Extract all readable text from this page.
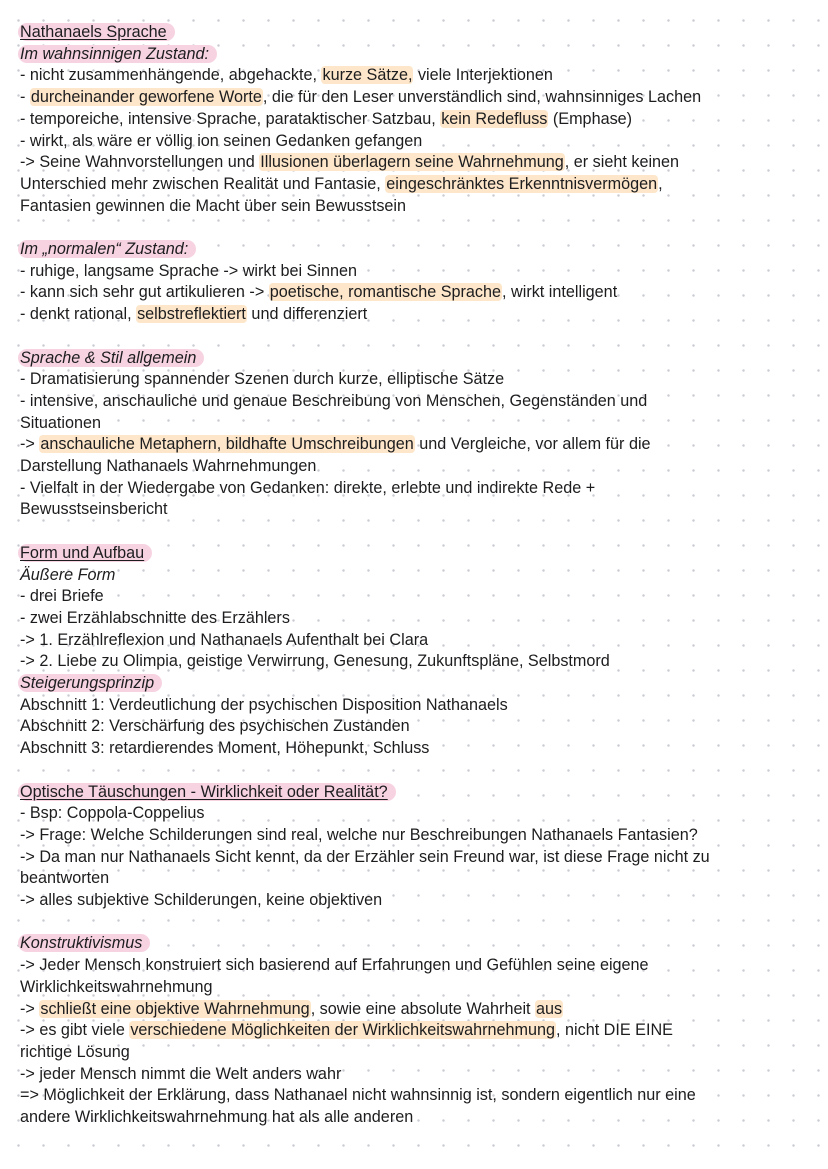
Nathanaels Sprache
Im wahnsinnigen Zustand:
- nicht zusammenhängende, abgehackte, kurze Sätze, viele Interjektionen
- durcheinander geworfene Worte, die für den Leser unverständlich sind, wahnsinniges Lachen
- temporeiche, intensive Sprache, parataktischer Satzbau, kein Redefluss (Emphase)
- wirkt, als wäre er völlig ion seinen Gedanken gefangen
-> Seine Wahnvorstellungen und Illusionen überlagern seine Wahrnehmung, er sieht keinen
Unterschied mehr zwischen Realität und Fantasie, eingeschränktes Erkenntnisvermögen,
Fantasien gewinnen die Macht über sein Bewusstsein
Im „normalen“ Zustand:
- ruhige, langsame Sprache -> wirkt bei Sinnen
- kann sich sehr gut artikulieren -> poetische, romantische Sprache, wirkt intelligent
- denkt rational, selbstreflektiert und differenziert
Sprache & Stil allgemein
- Dramatisierung spannender Szenen durch kurze, elliptische Sätze
- intensive, anschauliche und genaue Beschreibung von Menschen, Gegenständen und
Situationen
-> anschauliche Metaphern, bildhafte Umschreibungen und Vergleiche, vor allem für die
Darstellung Nathanaels Wahrnehmungen
- Vielfalt in der Wiedergabe von Gedanken: direkte, erlebte und indirekte Rede +
Bewusstseinsbericht
Form und Aufbau
Äußere Form
- drei Briefe
- zwei Erzählabschnitte des Erzählers
-> 1. Erzählreflexion und Nathanaels Aufenthalt bei Clara
-> 2. Liebe zu Olimpia, geistige Verwirrung, Genesung, Zukunftspläne, Selbstmord
Steigerungsprinzip
Abschnitt 1: Verdeutlichung der psychischen Disposition Nathanaels
Abschnitt 2: Verschärfung des psychischen Zustanden
Abschnitt 3: retardierendes Moment, Höhepunkt, Schluss
Optische Täuschungen - Wirklichkeit oder Realität?
- Bsp: Coppola-Coppelius
-> Frage: Welche Schilderungen sind real, welche nur Beschreibungen Nathanaels Fantasien?
-> Da man nur Nathanaels Sicht kennt, da der Erzähler sein Freund war, ist diese Frage nicht zu
beantworten
-> alles subjektive Schilderungen, keine objektiven
Konstruktivismus
-> Jeder Mensch konstruiert sich basierend auf Erfahrungen und Gefühlen seine eigene
Wirklichkeitswahrnehmung
-> schließt eine objektive Wahrnehmung, sowie eine absolute Wahrheit aus
-> es gibt viele verschiedene Möglichkeiten der Wirklichkeitswahrnehmung, nicht DIE EINE
richtige Lösung
-> jeder Mensch nimmt die Welt anders wahr
=> Möglichkeit der Erklärung, dass Nathanael nicht wahnsinnig ist, sondern eigentlich nur eine
andere Wirklichkeitswahrnehmung hat als alle anderen
